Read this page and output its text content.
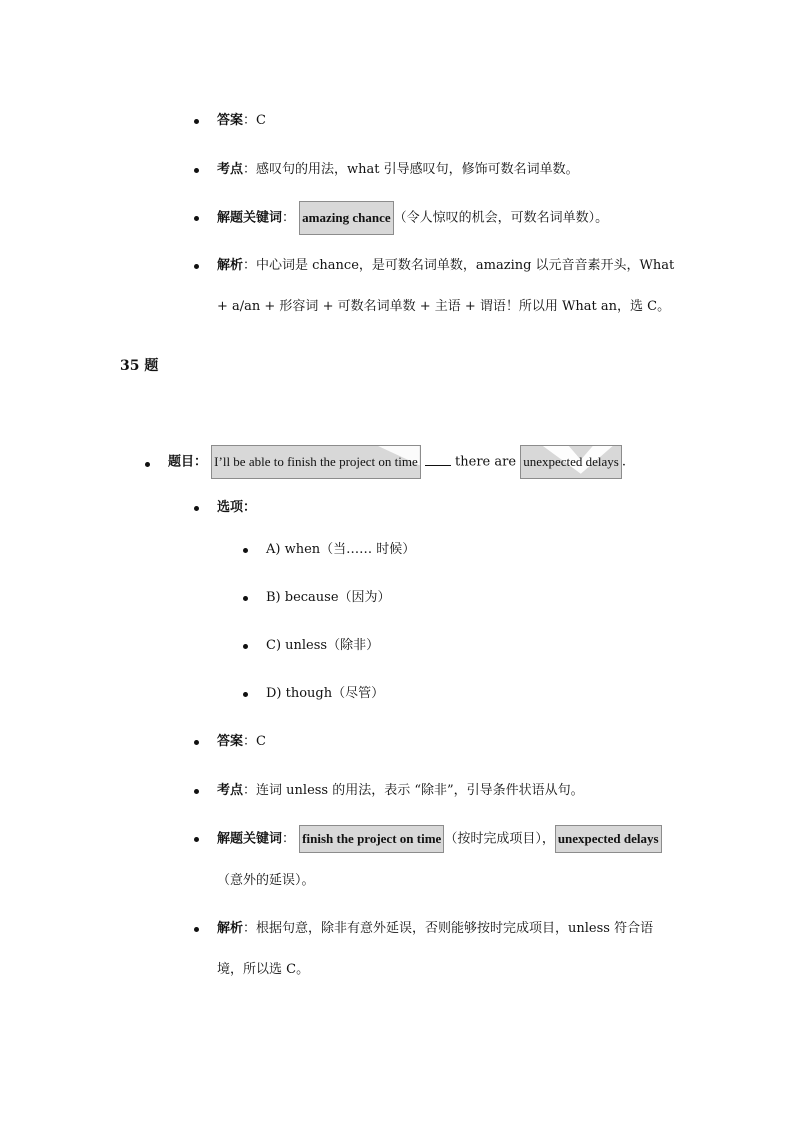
答案：C
考点：感叹句的用法，what 引导感叹句，修饰可数名词单数。
解题关键词： amazing chance （令人惊叹的机会，可数名词单数）。
解析：中心词是 chance，是可数名词单数，amazing 以元音音素开头，What
+ a/an + 形容词 + 可数名词单数 + 主语 + 谓语！所以用 What an，选 C。
35 题
题目： I’ll be able to finish the project on time	there are
unexpected delays .
选项：
A) when（当…… 时候）
B) because（因为）
C) unless（除非）
D) though（尽管）
答案：C
考点：连词 unless 的用法，表示 “除非”，引导条件状语从句。
解题关键词： finish the project on time （按时完成项目）， unexpected delays
（意外的延误）。
解析：根据句意，除非有意外延误，否则能够按时完成项目，unless 符合语
境，所以选 C。
